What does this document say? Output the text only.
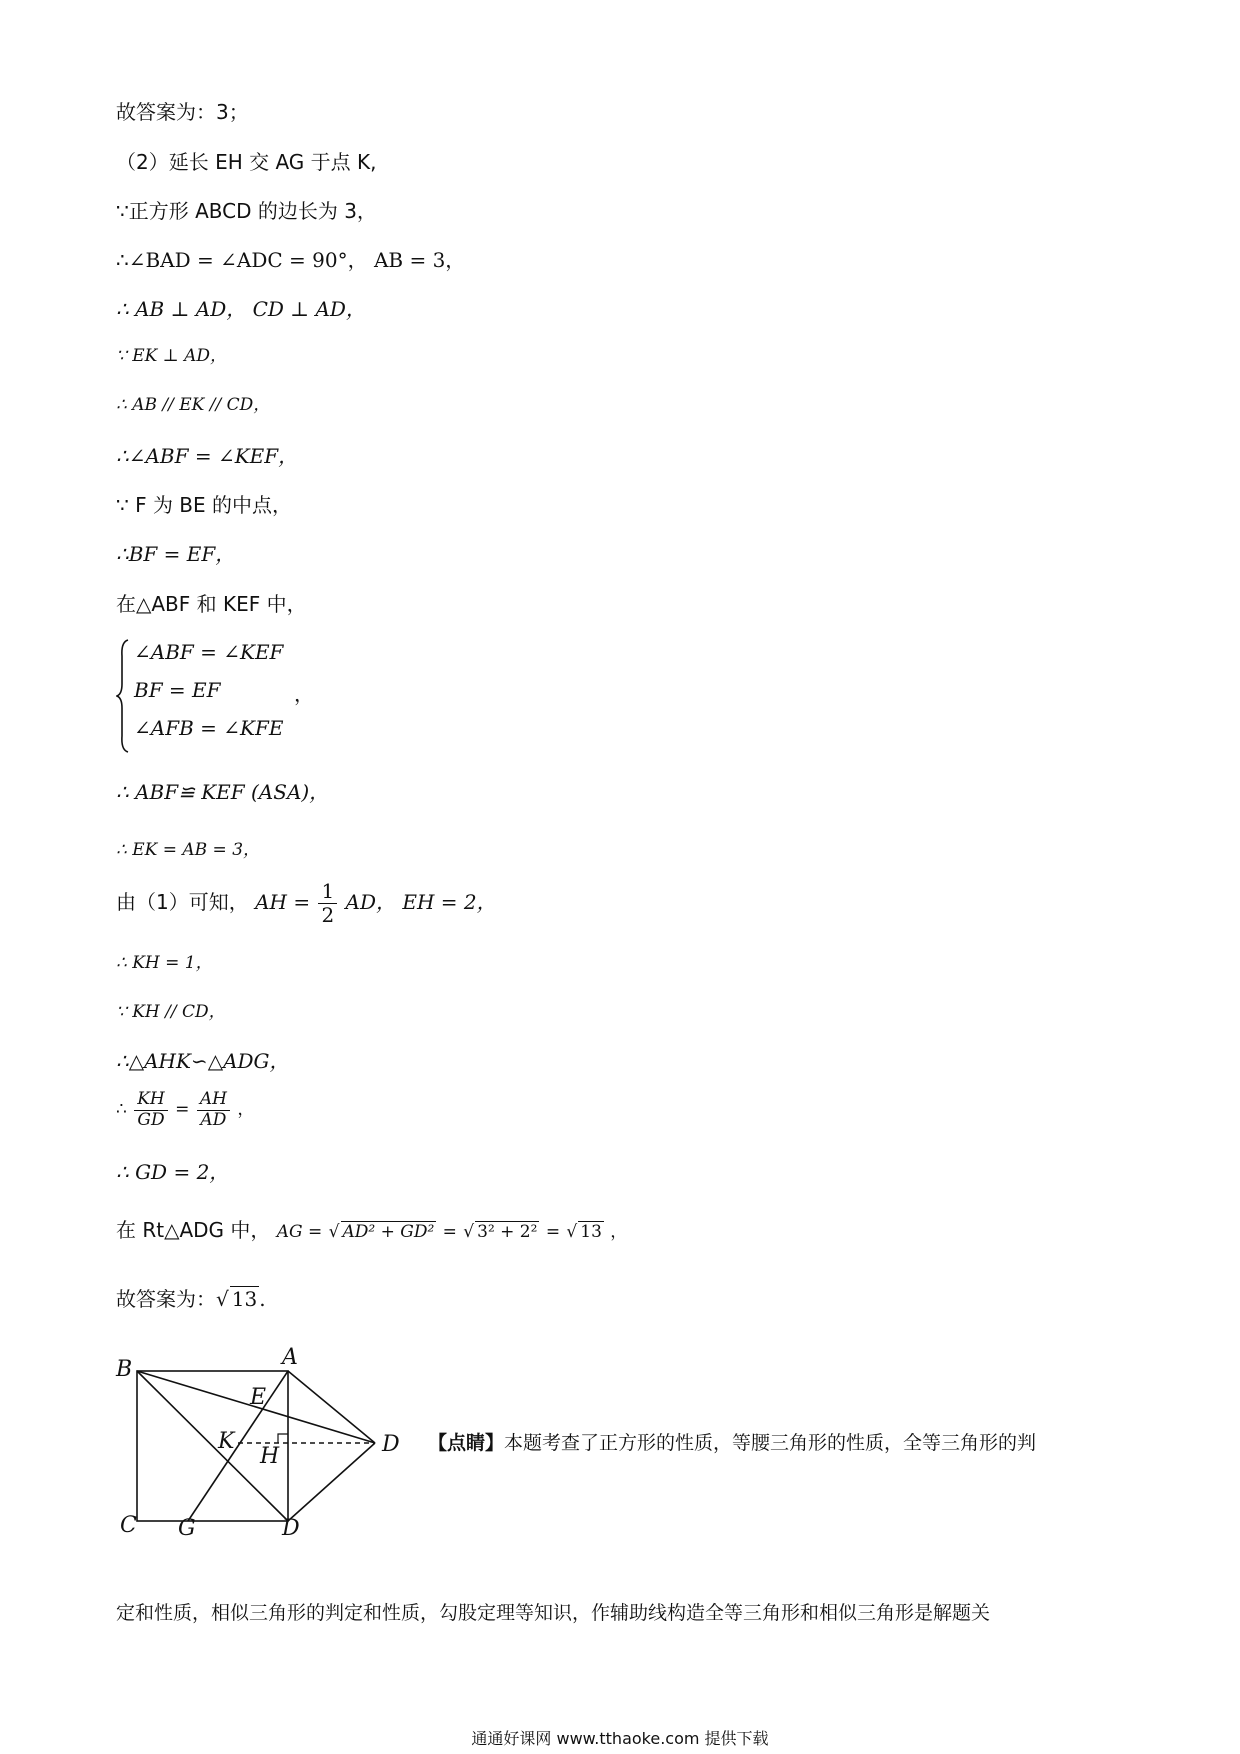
故答案为：3；
（2）延长 EH 交 AG 于点 K,
∵正方形 ABCD 的边长为 3，
∴∠BAD = ∠ADC = 90°， AB = 3，
∴ AB ⊥ AD， CD ⊥ AD，
∵ EK ⊥ AD，
∴ AB // EK // CD，
∴∠ABF = ∠KEF，
∵ F 为 BE 的中点，
∴BF = EF，
在△ABF 和 KEF 中，
∠ABF = ∠KEF
BF = EF
∠AFB = ∠KFE
，
∴ ABF≌ KEF (ASA)，
∴ EK = AB = 3，
由（1）可知， AH = $\frac{1}{2}$ AD， EH = 2，
∴ KH = 1，
∵ KH // CD，
∴△AHK∽△ADG，
∴ $\frac{KH}{GD} = \frac{AH}{AD}$ ，
∴ GD = 2，
在 Rt△ADG 中， AG = √ AD² + GD² = √ 3² + 2² = √ 13 ，
故答案为：√ 13 .
B	A
E
D
K
H
C G	D
【点睛】本题考查了正方形的性质，等腰三角形的性质，全等三角形的判
定和性质，相似三角形的判定和性质，勾股定理等知识，作辅助线构造全等三角形和相似三角形是解题关
通通好课网 www.tthaoke.com 提供下载
